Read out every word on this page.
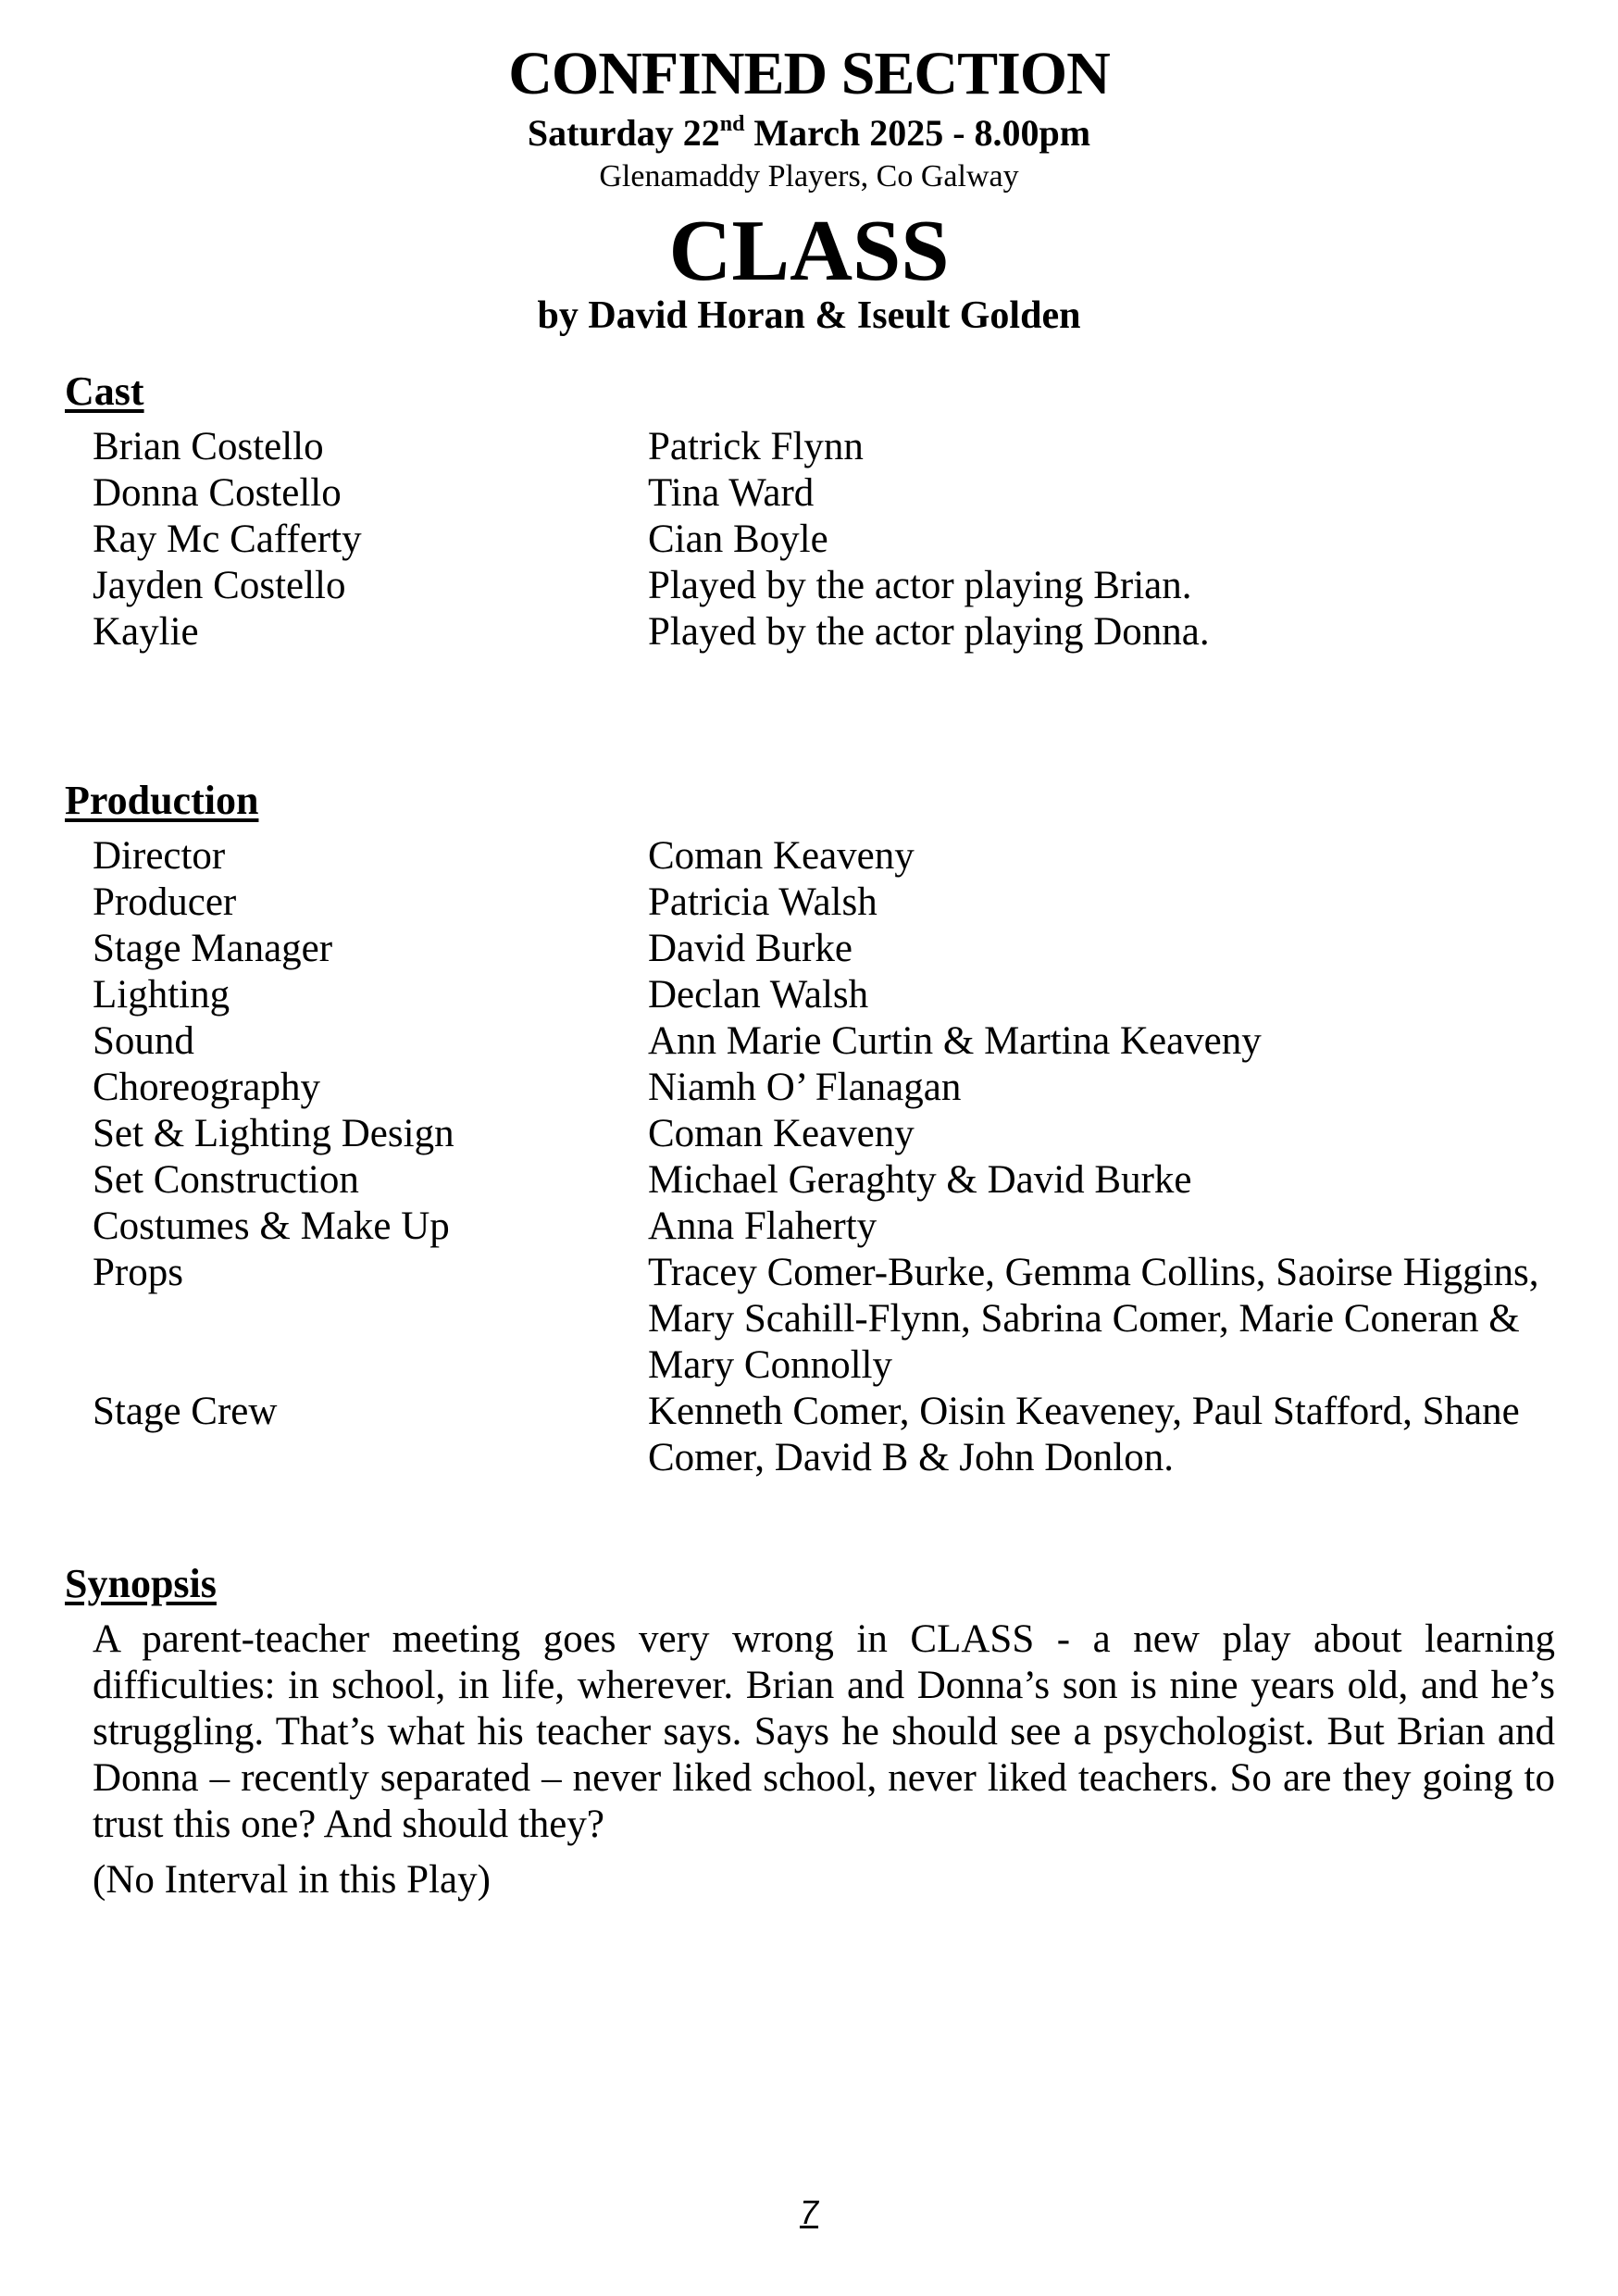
CONFINED SECTION
Saturday 22nd March 2025 - 8.00pm
Glenamaddy Players, Co Galway
CLASS
by David Horan & Iseult Golden
Cast
Brian Costello	Patrick Flynn
Donna Costello	Tina Ward
Ray Mc Cafferty	Cian Boyle
Jayden Costello	Played by the actor playing Brian.
Kaylie	Played by the actor playing Donna.
Production
Director	Coman Keaveny
Producer	Patricia Walsh
Stage Manager	David Burke
Lighting	Declan Walsh
Sound	Ann Marie Curtin & Martina Keaveny
Choreography	Niamh O’ Flanagan
Set & Lighting Design	Coman Keaveny
Set Construction	Michael Geraghty & David Burke
Costumes & Make Up	Anna Flaherty
Props	Tracey Comer-Burke, Gemma Collins, Saoirse Higgins, Mary Scahill-Flynn, Sabrina Comer, Marie Coneran & Mary Connolly
Stage Crew	Kenneth Comer, Oisin Keaveney, Paul Stafford, Shane Comer, David B & John Donlon.
Synopsis

A parent-teacher meeting goes very wrong in CLASS - a new play about learning difficulties: in school, in life, wherever. Brian and Donna’s son is nine years old, and he’s struggling. That’s what his teacher says. Says he should see a psychologist. But Brian and Donna – recently separated – never liked school, never liked teachers. So are they going to trust this one? And should they?

(No Interval in this Play)
7
